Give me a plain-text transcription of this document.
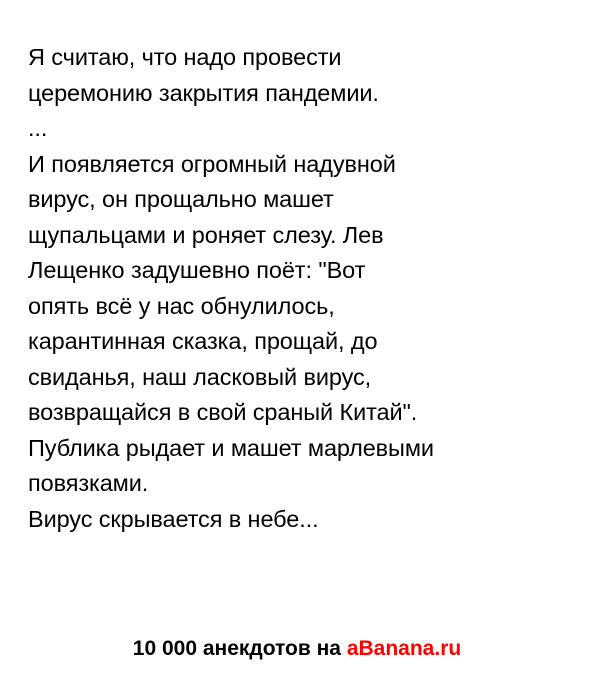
Я считаю, что надо провести
церемонию закрытия пандемии.
...
И появляется огромный надувной
вирус, он прощально машет
щупальцами и роняет слезу. Лев
Лещенко задушевно поёт: "Вот
опять всё у нас обнулилось,
карантинная сказка, прощай, до
свиданья, наш ласковый вирус,
возвращайся в свой сраный Китай".
Публика рыдает и машет марлевыми
повязками.
Вирус скрывается в небе...
10 000 анекдотов на aBanana.ru
